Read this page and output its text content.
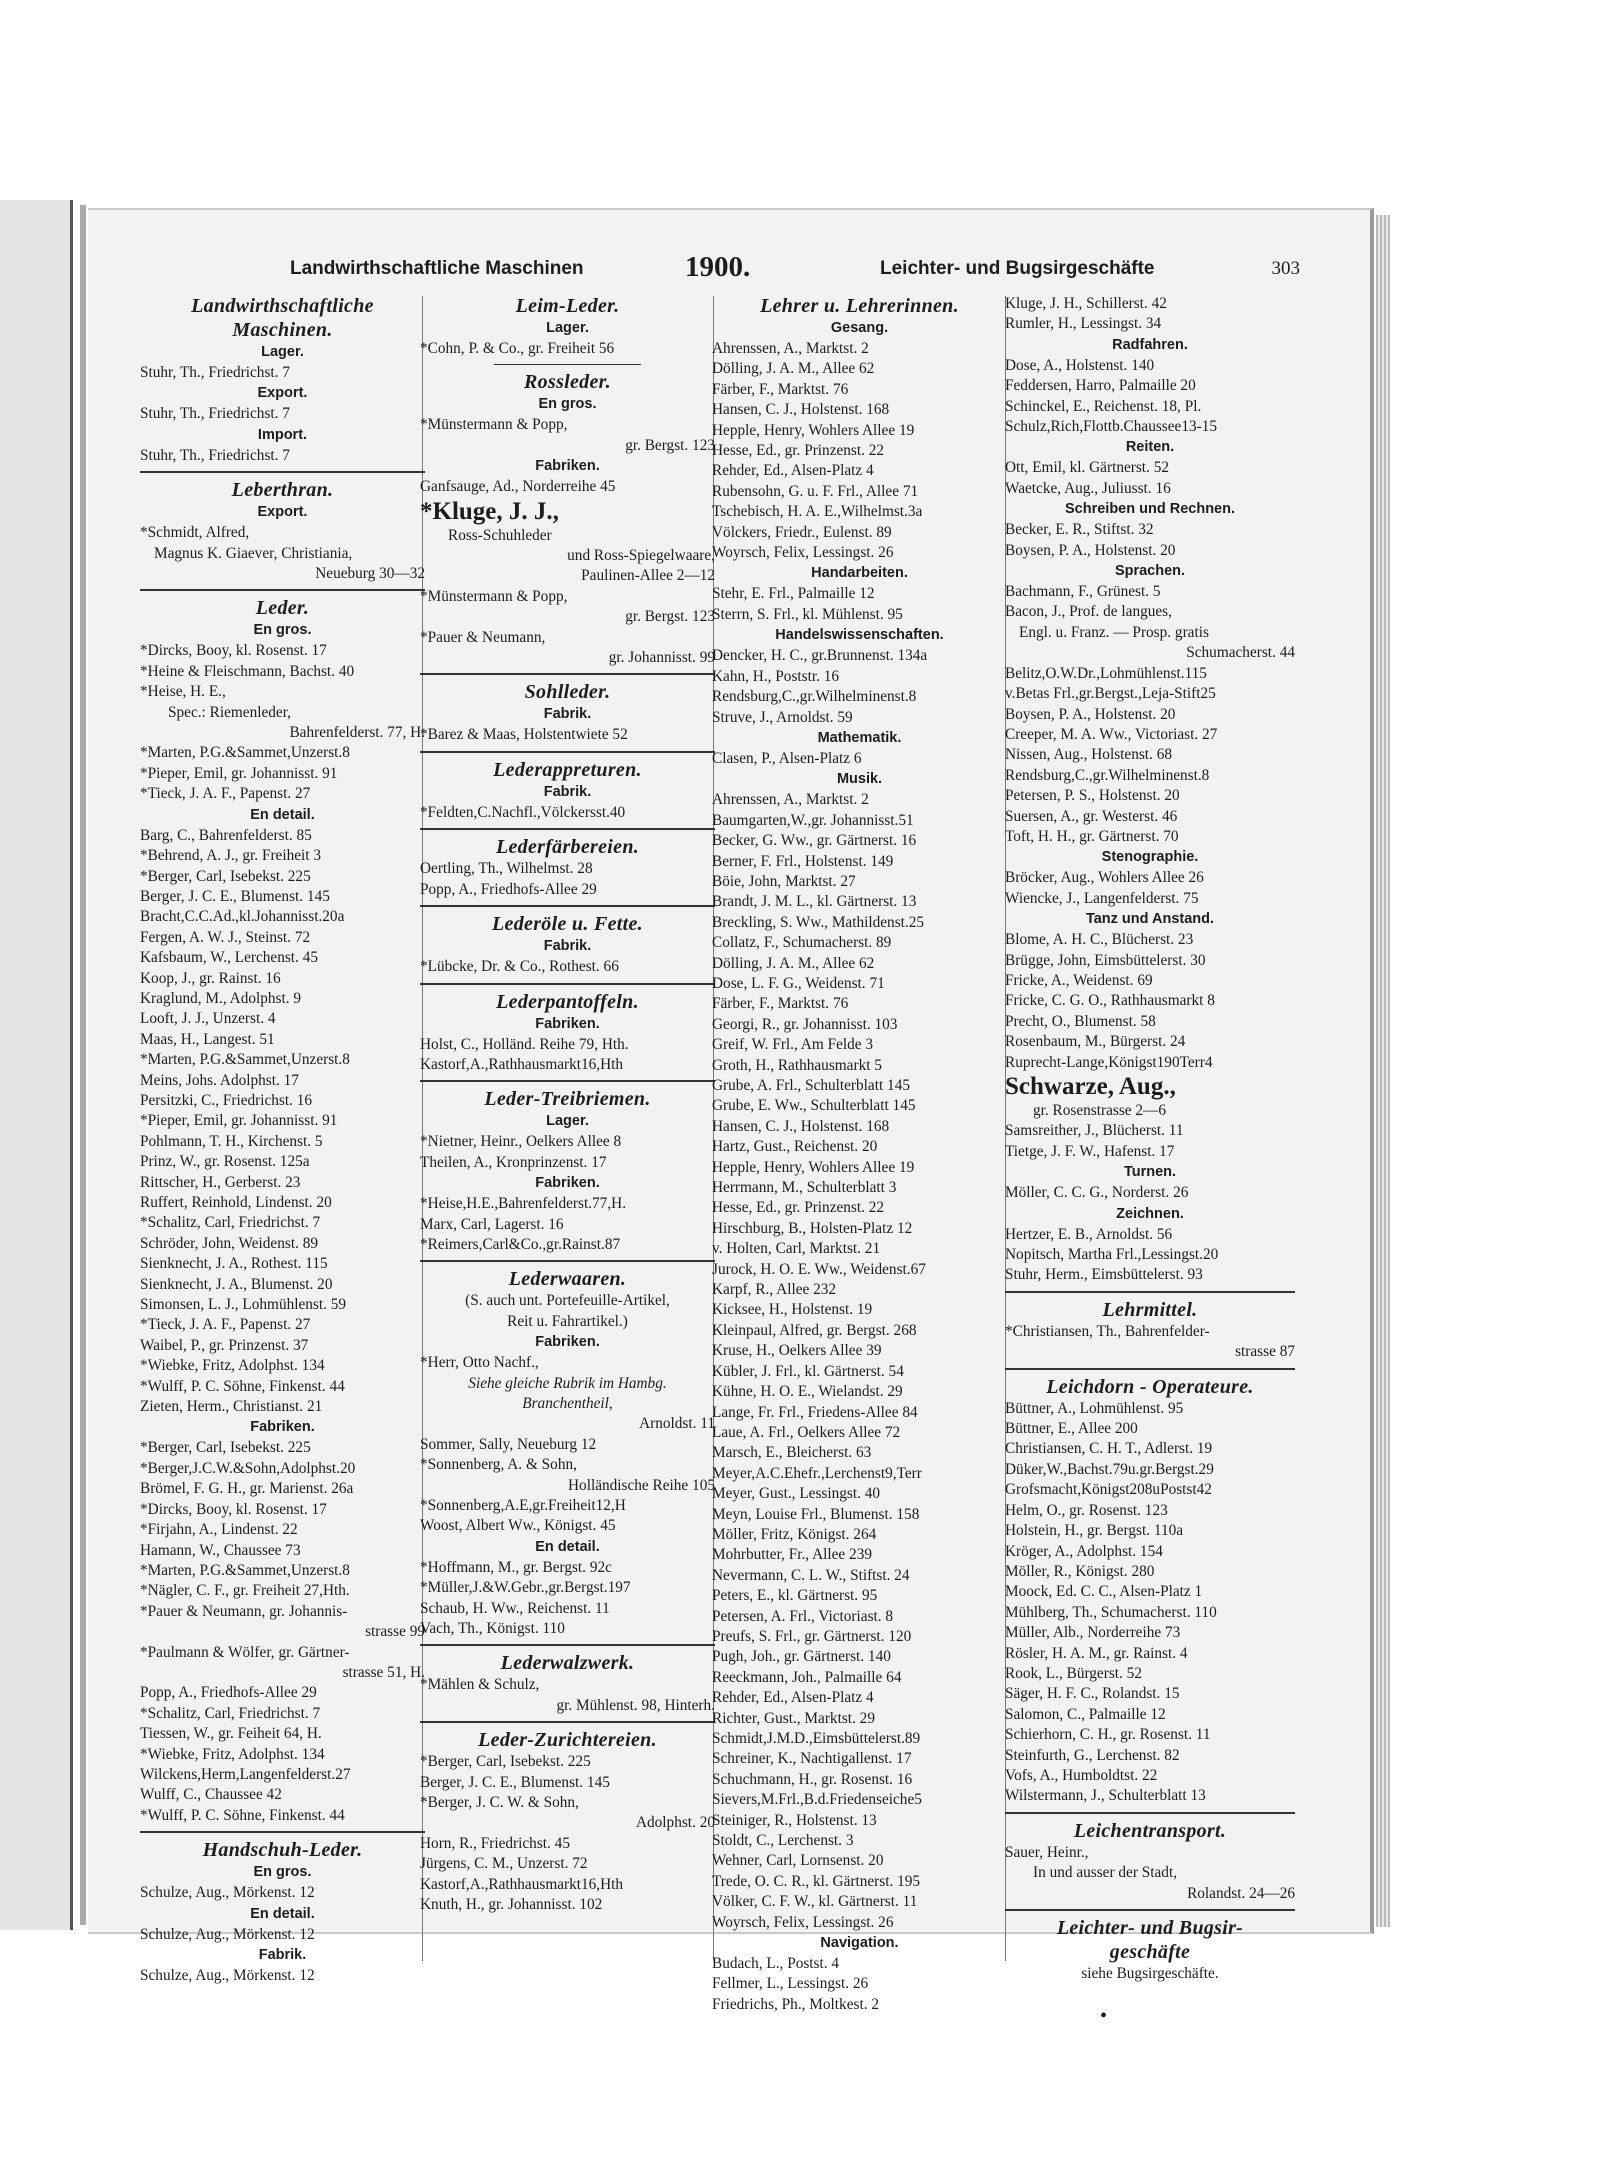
Landwirthschaftliche Maschinen	1900.	Leichter- und Bugsirgeschäfte	303
Landwirthschaftliche
Maschinen.
Lager.
Stuhr, Th., Friedrichst. 7
Export.
Stuhr, Th., Friedrichst. 7
Import.
Stuhr, Th., Friedrichst. 7
Leberthran.
Export.
*Schmidt, Alfred,
Magnus K. Giaever, Christiania,
Neueburg 30—32
Leder.
En gros.
*Dircks, Booy, kl. Rosenst. 17
*Heine & Fleischmann, Bachst. 40
*Heise, H. E.,
Spec.: Riemenleder,
Bahrenfelderst. 77, H.
*Marten, P.G.&Sammet,Unzerst.8
*Pieper, Emil, gr. Johannisst. 91
*Tieck, J. A. F., Papenst. 27
En detail.
Barg, C., Bahrenfelderst. 85
*Behrend, A. J., gr. Freiheit 3
*Berger, Carl, Isebekst. 225
Berger, J. C. E., Blumenst. 145
Bracht,C.C.Ad.,kl.Johannisst.20a
Fergen, A. W. J., Steinst. 72
Kafsbaum, W., Lerchenst. 45
Koop, J., gr. Rainst. 16
Kraglund, M., Adolphst. 9
Looft, J. J., Unzerst. 4
Maas, H., Langest. 51
*Marten, P.G.&Sammet,Unzerst.8
Meins, Johs. Adolphst. 17
Persitzki, C., Friedrichst. 16
*Pieper, Emil, gr. Johannisst. 91
Pohlmann, T. H., Kirchenst. 5
Prinz, W., gr. Rosenst. 125a
Rittscher, H., Gerberst. 23
Ruffert, Reinhold, Lindenst. 20
*Schalitz, Carl, Friedrichst. 7
Schröder, John, Weidenst. 89
Sienknecht, J. A., Rothest. 115
Sienknecht, J. A., Blumenst. 20
Simonsen, L. J., Lohmühlenst. 59
*Tieck, J. A. F., Papenst. 27
Waibel, P., gr. Prinzenst. 37
*Wiebke, Fritz, Adolphst. 134
*Wulff, P. C. Söhne, Finkenst. 44
Zieten, Herm., Christianst. 21
Fabriken.
*Berger, Carl, Isebekst. 225
*Berger,J.C.W.&Sohn,Adolphst.20
Brömel, F. G. H., gr. Marienst. 26a
*Dircks, Booy, kl. Rosenst. 17
*Firjahn, A., Lindenst. 22
Hamann, W., Chaussee 73
*Marten, P.G.&Sammet,Unzerst.8
*Nägler, C. F., gr. Freiheit 27,Hth.
*Pauer & Neumann, gr. Johannis-
strasse 99
*Paulmann & Wölfer, gr. Gärtner-
strasse 51, H.
Popp, A., Friedhofs-Allee 29
*Schalitz, Carl, Friedrichst. 7
Tiessen, W., gr. Feiheit 64, H.
*Wiebke, Fritz, Adolphst. 134
Wilckens,Herm,Langenfelderst.27
Wulff, C., Chaussee 42
*Wulff, P. C. Söhne, Finkenst. 44
Handschuh-Leder.
En gros.
Schulze, Aug., Mörkenst. 12
En detail.
Schulze, Aug., Mörkenst. 12
Fabrik.
Schulze, Aug., Mörkenst. 12
Leim-Leder.
Lager.
*Cohn, P. & Co., gr. Freiheit 56
Rossleder.
En gros.
*Münstermann & Popp,
gr. Bergst. 123
Fabriken.
Ganfsauge, Ad., Norderreihe 45
*Kluge, J. J.,
Ross-Schuhleder
und Ross-Spiegelwaare,
Paulinen-Allee 2—12
*Münstermann & Popp,
gr. Bergst. 123
*Pauer & Neumann,
gr. Johannisst. 99
Sohlleder.
Fabrik.
*Barez & Maas, Holstentwiete 52
Lederappreturen.
Fabrik.
*Feldten,C.Nachfl.,Völckersst.40
Lederfärbereien.
Oertling, Th., Wilhelmst. 28
Popp, A., Friedhofs-Allee 29
Lederöle u. Fette.
Fabrik.
*Lübcke, Dr. & Co., Rothest. 66
Lederpantoffeln.
Fabriken.
Holst, C., Holländ. Reihe 79, Hth.
Kastorf,A.,Rathhausmarkt16,Hth
Leder-Treibriemen.
Lager.
*Nietner, Heinr., Oelkers Allee 8
Theilen, A., Kronprinzenst. 17
Fabriken.
*Heise,H.E.,Bahrenfelderst.77,H.
Marx, Carl, Lagerst. 16
*Reimers,Carl&Co.,gr.Rainst.87
Lederwaaren.
(S. auch unt. Portefeuille-Artikel,
Reit u. Fahrartikel.)
Fabriken.
*Herr, Otto Nachf.,
Siehe gleiche Rubrik im Hambg.
Branchentheil,
Arnoldst. 11
Sommer, Sally, Neueburg 12
*Sonnenberg, A. & Sohn,
Holländische Reihe 105
*Sonnenberg,A.E,gr.Freiheit12,H
Woost, Albert Ww., Königst. 45
En detail.
*Hoffmann, M., gr. Bergst. 92c
*Müller,J.&W.Gebr.,gr.Bergst.197
Schaub, H. Ww., Reichenst. 11
Vach, Th., Königst. 110
Lederwalzwerk.
*Mählen & Schulz,
gr. Mühlenst. 98, Hinterh.
Leder-Zurichtereien.
*Berger, Carl, Isebekst. 225
Berger, J. C. E., Blumenst. 145
*Berger, J. C. W. & Sohn,
Adolphst. 20
Horn, R., Friedrichst. 45
Jürgens, C. M., Unzerst. 72
Kastorf,A.,Rathhausmarkt16,Hth
Knuth, H., gr. Johannisst. 102
Lehrer u. Lehrerinnen.
Gesang.
Ahrenssen, A., Marktst. 2
Dölling, J. A. M., Allee 62
Färber, F., Marktst. 76
Hansen, C. J., Holstenst. 168
Hepple, Henry, Wohlers Allee 19
Hesse, Ed., gr. Prinzenst. 22
Rehder, Ed., Alsen-Platz 4
Rubensohn, G. u. F. Frl., Allee 71
Tschebisch, H. A. E.,Wilhelmst.3a
Völckers, Friedr., Eulenst. 89
Woyrsch, Felix, Lessingst. 26
Handarbeiten.
Stehr, E. Frl., Palmaille 12
Sterrn, S. Frl., kl. Mühlenst. 95
Handelswissenschaften.
Dencker, H. C., gr.Brunnenst. 134a
Kahn, H., Poststr. 16
Rendsburg,C.,gr.Wilhelminenst.8
Struve, J., Arnoldst. 59
Mathematik.
Clasen, P., Alsen-Platz 6
Musik.
Ahrenssen, A., Marktst. 2
Baumgarten,W.,gr. Johannisst.51
Becker, G. Ww., gr. Gärtnerst. 16
Berner, F. Frl., Holstenst. 149
Böie, John, Marktst. 27
Brandt, J. M. L., kl. Gärtnerst. 13
Breckling, S. Ww., Mathildenst.25
Collatz, F., Schumacherst. 89
Dölling, J. A. M., Allee 62
Dose, L. F. G., Weidenst. 71
Färber, F., Marktst. 76
Georgi, R., gr. Johannisst. 103
Greif, W. Frl., Am Felde 3
Groth, H., Rathhausmarkt 5
Grube, A. Frl., Schulterblatt 145
Grube, E. Ww., Schulterblatt 145
Hansen, C. J., Holstenst. 168
Hartz, Gust., Reichenst. 20
Hepple, Henry, Wohlers Allee 19
Herrmann, M., Schulterblatt 3
Hesse, Ed., gr. Prinzenst. 22
Hirschburg, B., Holsten-Platz 12
v. Holten, Carl, Marktst. 21
Jurock, H. O. E. Ww., Weidenst.67
Karpf, R., Allee 232
Kicksee, H., Holstenst. 19
Kleinpaul, Alfred, gr. Bergst. 268
Kruse, H., Oelkers Allee 39
Kübler, J. Frl., kl. Gärtnerst. 54
Kühne, H. O. E., Wielandst. 29
Lange, Fr. Frl., Friedens-Allee 84
Laue, A. Frl., Oelkers Allee 72
Marsch, E., Bleicherst. 63
Meyer,A.C.Ehefr.,Lerchenst9,Terr
Meyer, Gust., Lessingst. 40
Meyn, Louise Frl., Blumenst. 158
Möller, Fritz, Königst. 264
Mohrbutter, Fr., Allee 239
Nevermann, C. L. W., Stiftst. 24
Peters, E., kl. Gärtnerst. 95
Petersen, A. Frl., Victoriast. 8
Preufs, S. Frl., gr. Gärtnerst. 120
Pugh, Joh., gr. Gärtnerst. 140
Reeckmann, Joh., Palmaille 64
Rehder, Ed., Alsen-Platz 4
Richter, Gust., Marktst. 29
Schmidt,J.M.D.,Eimsbüttelerst.89
Schreiner, K., Nachtigallenst. 17
Schuchmann, H., gr. Rosenst. 16
Sievers,M.Frl.,B.d.Friedenseiche5
Steiniger, R., Holstenst. 13
Stoldt, C., Lerchenst. 3
Wehner, Carl, Lornsenst. 20
Trede, O. C. R., kl. Gärtnerst. 195
Völker, C. F. W., kl. Gärtnerst. 11
Woyrsch, Felix, Lessingst. 26
Navigation.
Budach, L., Postst. 4
Fellmer, L., Lessingst. 26
Friedrichs, Ph., Moltkest. 2
Kluge, J. H., Schillerst. 42
Rumler, H., Lessingst. 34
Radfahren.
Dose, A., Holstenst. 140
Feddersen, Harro, Palmaille 20
Schinckel, E., Reichenst. 18, Pl.
Schulz,Rich,Flottb.Chaussee13-15
Reiten.
Ott, Emil, kl. Gärtnerst. 52
Waetcke, Aug., Juliusst. 16
Schreiben und Rechnen.
Becker, E. R., Stiftst. 32
Boysen, P. A., Holstenst. 20
Sprachen.
Bachmann, F., Grünest. 5
Bacon, J., Prof. de langues,
Engl. u. Franz. — Prosp. gratis
Schumacherst. 44
Belitz,O.W.Dr.,Lohmühlenst.115
v.Betas Frl.,gr.Bergst.,Leja-Stift25
Boysen, P. A., Holstenst. 20
Creeper, M. A. Ww., Victoriast. 27
Nissen, Aug., Holstenst. 68
Rendsburg,C.,gr.Wilhelminenst.8
Petersen, P. S., Holstenst. 20
Suersen, A., gr. Westerst. 46
Toft, H. H., gr. Gärtnerst. 70
Stenographie.
Bröcker, Aug., Wohlers Allee 26
Wiencke, J., Langenfelderst. 75
Tanz und Anstand.
Blome, A. H. C., Blücherst. 23
Brügge, John, Eimsbüttelerst. 30
Fricke, A., Weidenst. 69
Fricke, C. G. O., Rathhausmarkt 8
Precht, O., Blumenst. 58
Rosenbaum, M., Bürgerst. 24
Ruprecht-Lange,Königst190Terr4
Schwarze, Aug.,
gr. Rosenstrasse 2—6
Samsreither, J., Blücherst. 11
Tietge, J. F. W., Hafenst. 17
Turnen.
Möller, C. C. G., Norderst. 26
Zeichnen.
Hertzer, E. B., Arnoldst. 56
Nopitsch, Martha Frl.,Lessingst.20
Stuhr, Herm., Eimsbüttelerst. 93
Lehrmittel.
*Christiansen, Th., Bahrenfelder-
strasse 87
Leichdorn - Operateure.
Büttner, A., Lohmühlenst. 95
Büttner, E., Allee 200
Christiansen, C. H. T., Adlerst. 19
Düker,W.,Bachst.79u.gr.Bergst.29
Grofsmacht,Königst208uPostst42
Helm, O., gr. Rosenst. 123
Holstein, H., gr. Bergst. 110a
Kröger, A., Adolphst. 154
Möller, R., Königst. 280
Moock, Ed. C. C., Alsen-Platz 1
Mühlberg, Th., Schumacherst. 110
Müller, Alb., Norderreihe 73
Rösler, H. A. M., gr. Rainst. 4
Rook, L., Bürgerst. 52
Säger, H. F. C., Rolandst. 15
Salomon, C., Palmaille 12
Schierhorn, C. H., gr. Rosenst. 11
Steinfurth, G., Lerchenst. 82
Vofs, A., Humboldtst. 22
Wilstermann, J., Schulterblatt 13
Leichentransport.
Sauer, Heinr.,
In und ausser der Stadt,
Rolandst. 24—26
Leichter- und Bugsir-
geschäfte
siehe Bugsirgeschäfte.
•
